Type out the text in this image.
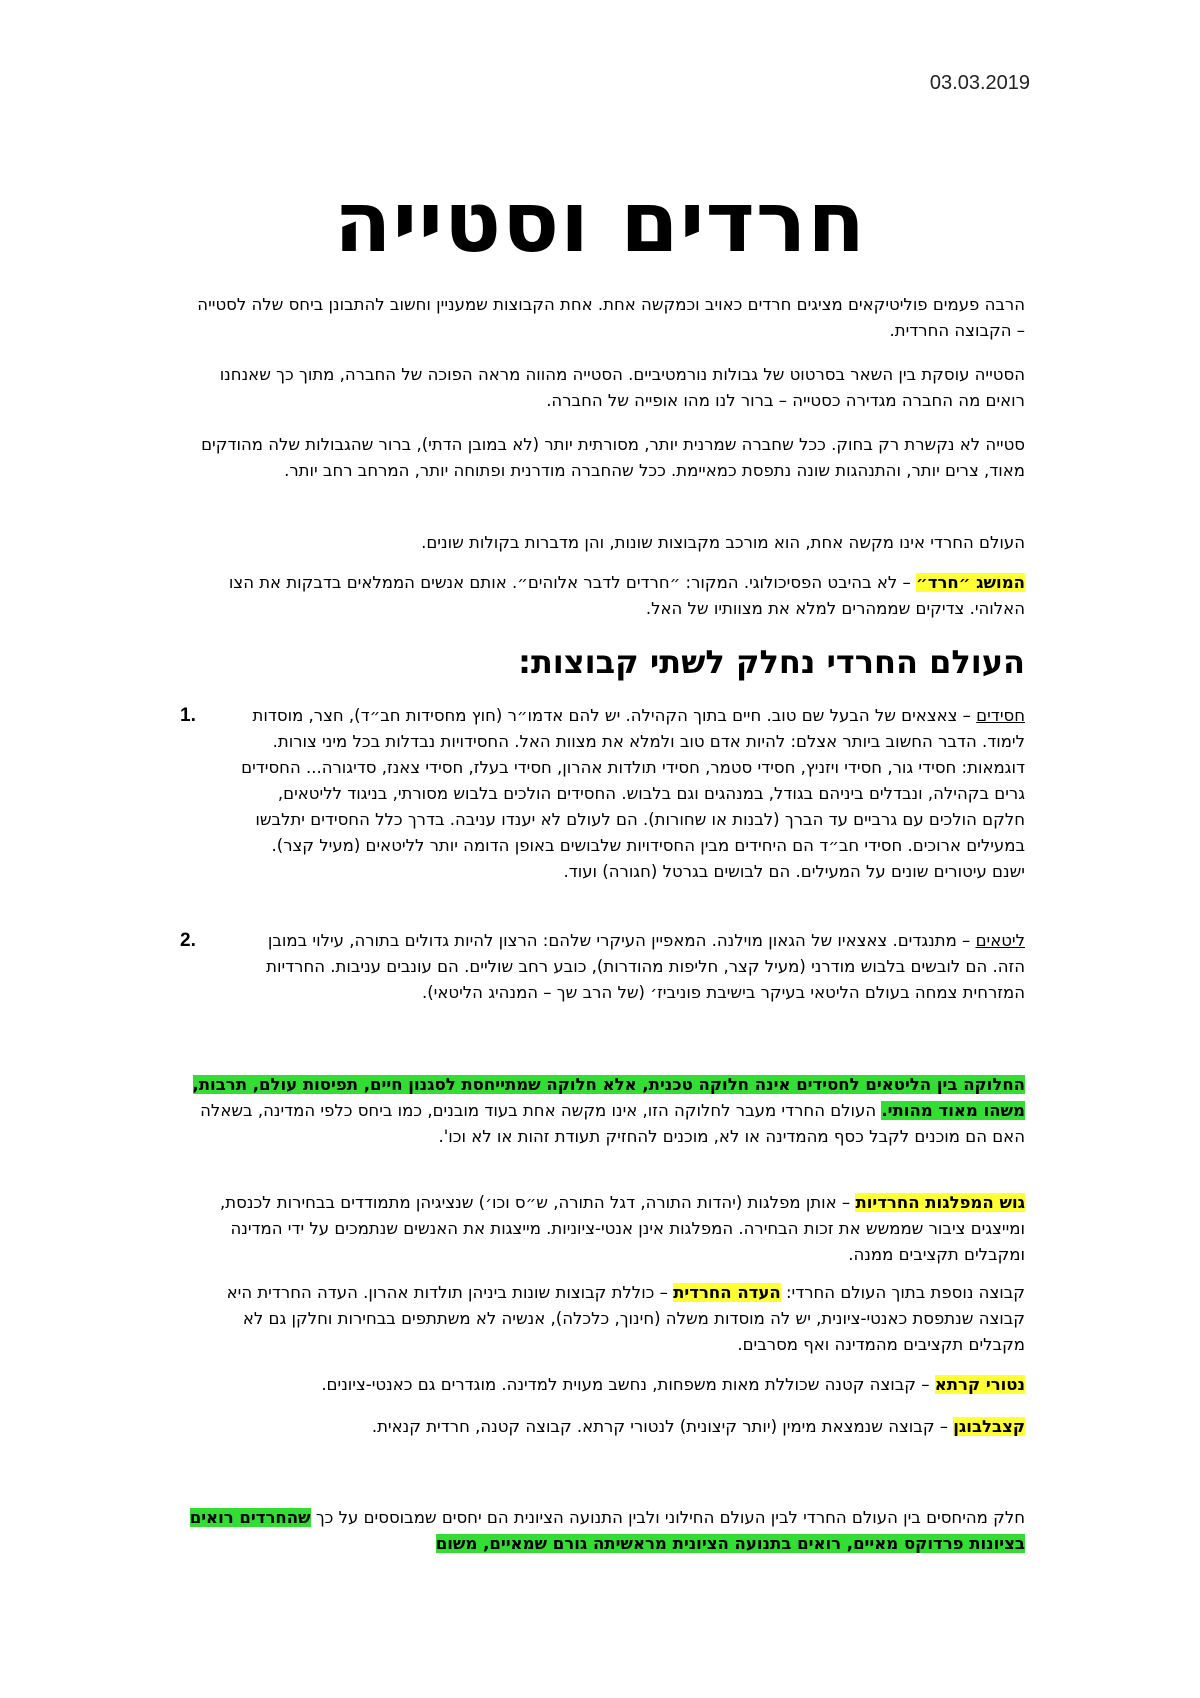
03.03.2019
חרדים וסטייה

הרבה פעמים פוליטיקאים מציגים חרדים כאויב וכמקשה אחת. אחת הקבוצות שמעניין וחשוב להתבונן ביחס שלה לסטייה – הקבוצה החרדית.

הסטייה עוסקת בין השאר בסרטוט של גבולות נורמטיביים. הסטייה מהווה מראה הפוכה של החברה, מתוך כך שאנחנו רואים מה החברה מגדירה כסטייה – ברור לנו מהו אופייה של החברה.

סטייה לא נקשרת רק בחוק. ככל שחברה שמרנית יותר, מסורתית יותר (לא במובן הדתי), ברור שהגבולות שלה מהודקים מאוד, צרים יותר, והתנהגות שונה נתפסת כמאיימת. ככל שהחברה מודרנית ופתוחה יותר, המרחב רחב יותר.

העולם החרדי אינו מקשה אחת, הוא מורכב מקבוצות שונות, והן מדברות בקולות שונים.

המושג ״חרד״ – לא בהיבט הפסיכולוגי. המקור: ״חרדים לדבר אלוהים״. אותם אנשים הממלאים בדבקות את הצו האלוהי. צדיקים שממהרים למלא את מצוותיו של האל.

העולם החרדי נחלק לשתי קבוצות:
1.	חסידים – צאצאים של הבעל שם טוב. חיים בתוך הקהילה. יש להם אדמו״ר (חוץ מחסידות חב״ד), חצר, מוסדות לימוד. הדבר החשוב ביותר אצלם: להיות אדם טוב ולמלא את מצוות האל. החסידויות נבדלות בכל מיני צורות. דוגמאות: חסידי גור, חסידי ויזניץ, חסידי סטמר, חסידי תולדות אהרון, חסידי בעלז, חסידי צאנז, סדיגורה... החסידים גרים בקהילה, ונבדלים ביניהם בגודל, במנהגים וגם בלבוש. החסידים הולכים בלבוש מסורתי, בניגוד לליטאים, חלקם הולכים עם גרביים עד הברך (לבנות או שחורות). הם לעולם לא יענדו עניבה. בדרך כלל החסידים יתלבשו במעילים ארוכים. חסידי חב״ד הם היחידים מבין החסידויות שלבושים באופן הדומה יותר לליטאים (מעיל קצר). ישנם עיטורים שונים על המעילים. הם לבושים בגרטל (חגורה) ועוד.
2.	ליטאים – מתנגדים. צאצאיו של הגאון מוילנה. המאפיין העיקרי שלהם: הרצון להיות גדולים בתורה, עילוי במובן הזה. הם לובשים בלבוש מודרני (מעיל קצר, חליפות מהודרות), כובע רחב שוליים. הם עונבים עניבות. החרדיות המזרחית צמחה בעולם הליטאי בעיקר בישיבת פוניביז׳ (של הרב שך – המנהיג הליטאי).

החלוקה בין הליטאים לחסידים אינה חלוקה טכנית, אלא חלוקה שמתייחסת לסגנון חיים, תפיסות עולם, תרבות, משהו מאוד מהותי. העולם החרדי מעבר לחלוקה הזו, אינו מקשה אחת בעוד מובנים, כמו ביחס כלפי המדינה, בשאלה האם הם מוכנים לקבל כסף מהמדינה או לא, מוכנים להחזיק תעודת זהות או לא וכו'.

גוש המפלגות החרדיות – אותן מפלגות (יהדות התורה, דגל התורה, ש״ס וכו׳) שנציגיהן מתמודדים בבחירות לכנסת, ומייצגים ציבור שממשש את זכות הבחירה. המפלגות אינן אנטי-ציוניות. מייצגות את האנשים שנתמכים על ידי המדינה ומקבלים תקציבים ממנה.

קבוצה נוספת בתוך העולם החרדי: העדה החרדית – כוללת קבוצות שונות ביניהן תולדות אהרון. העדה החרדית היא קבוצה שנתפסת כאנטי-ציונית, יש לה מוסדות משלה (חינוך, כלכלה), אנשיה לא משתתפים בבחירות וחלקן גם לא מקבלים תקציבים מהמדינה ואף מסרבים.

נטורי קרתא – קבוצה קטנה שכוללת מאות משפחות, נחשב מעוית למדינה. מוגדרים גם כאנטי-ציונים.

קצבלבוגן – קבוצה שנמצאת מימין (יותר קיצונית) לנטורי קרתא. קבוצה קטנה, חרדית קנאית.

חלק מהיחסים בין העולם החרדי לבין העולם החילוני ולבין התנועה הציונית הם יחסים שמבוססים על כך שהחרדים רואים בציונות פרדוקס מאיים, רואים בתנועה הציונית מראשיתה גורם שמאיים, משום
